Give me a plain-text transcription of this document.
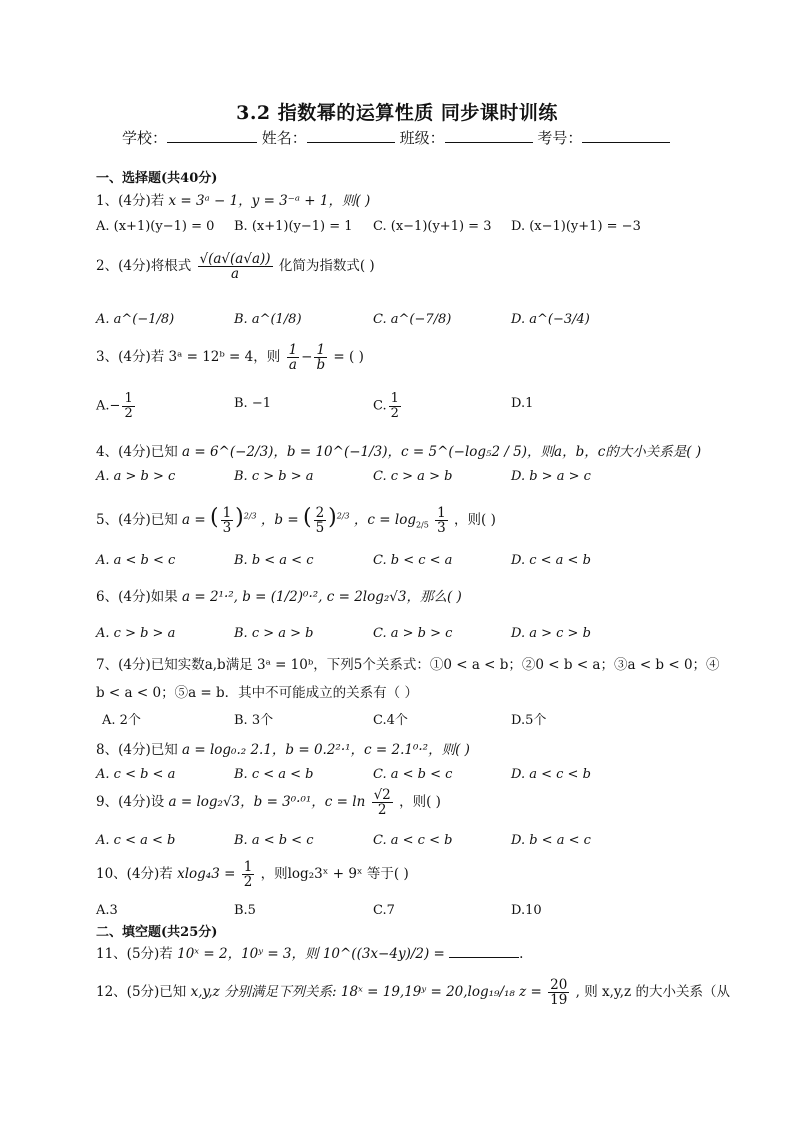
3.2 指数幂的运算性质 同步课时训练
学校：	姓名：	班级：	考号：
一、选择题(共40分)
1、(4分)若 x = 3ᵃ − 1，y = 3⁻ᵃ + 1，则( )
A. (x+1)(y−1) = 0 B. (x+1)(y−1) = 1 C. (x−1)(y+1) = 3 D. (x−1)(y+1) = −3
2、(4分)将根式 $\frac{√(a√(a√a))}{a}$ 化简为指数式( )
A. a^(−1/8)	B. a^(1/8)	C. a^(−7/8)	D. a^(−3/4)
3、(4分)若 3ᵃ = 12ᵇ = 4，则 $\frac{1}{a} - \frac{1}{b}$ = ( )
$A.- \frac{1}{2}$	B. −1	C. $\frac{1}{2}$	D.1
4、(4分)已知 a = 6^(−2/3)，b = 10^(−1/3)，c = 5^(−log₅2 / 5)，则a，b，c的大小关系是( )
A. a > b > c	B. c > b > a	C. c > a > b	D. b > a > c
5、(4分)已知 a = ( $\frac{1}{3} )^{2/3}$ ，b = ( $\frac{2}{5} )^{2/3}$ ，$c = \log_{2/5} \frac{1}{3}$ ，则( )
A. a < b < c	B. b < a < c	C. b < c < a	D. c < a < b
6、(4分)如果 a = 2¹·², b = (1/2)⁰·², c = 2log₂√3，那么( )
A. c > b > a	B. c > a > b	C. a > b > c	D. a > c > b
7、(4分)已知实数a,b满足 3ᵃ = 10ᵇ，下列5个关系式：①0 < a < b；②0 < b < a；③a < b < 0；④
b < a < 0；⑤a = b．其中不可能成立的关系有（ ）
A. 2个	B. 3个	C.4个	D.5个
8、(4分)已知 a = log₀.₂ 2.1，b = 0.2²·¹，c = 2.1⁰·²，则( )
A. c < b < a	B. c < a < b	C. a < b < c	D. a < c < b
9、(4分)设 a = log₂√3，b = 3⁰·⁰¹，$c = \ln \frac{√2}{2}$ ，则( )
A. c < a < b	B. a < b < c	C. a < c < b	D. b < a < c
10、(4分)若 $xlog_43 = \frac{1}{2}$ ，则log₂3ˣ + 9ˣ 等于( )
A.3	B.5	C.7	D.10
二、填空题(共25分)
11、(5分)若 10ˣ = 2，10ʸ = 3，则 10^((3x−4y)/2) =	.
12、(5分)已知 x,y,z 分别满足下列关系: 18ˣ = 19,19ʸ = 20,log₁₉/₁₈ $z = \frac{20}{19}$ , 则 x,y,z 的大小关系（从
